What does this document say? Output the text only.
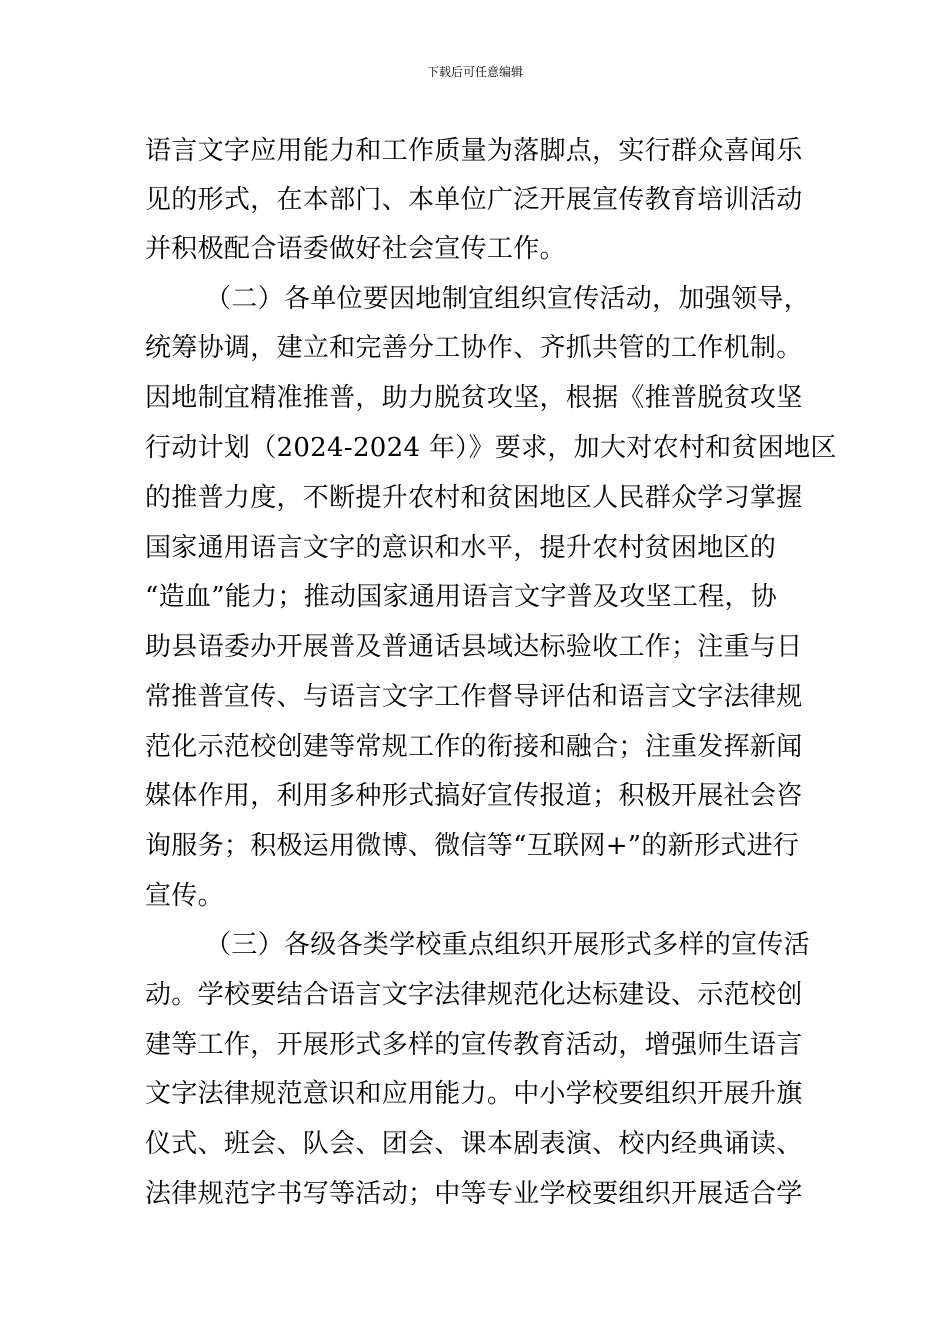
下载后可任意编辑
语言文字应用能力和工作质量为落脚点，实行群众喜闻乐
见的形式，在本部门、本单位广泛开展宣传教育培训活动
并积极配合语委做好社会宣传工作。
（二）各单位要因地制宜组织宣传活动，加强领导，
统筹协调，建立和完善分工协作、齐抓共管的工作机制。
因地制宜精准推普，助力脱贫攻坚，根据《推普脱贫攻坚
行动计划（2024-2024 年）》要求，加大对农村和贫困地区
的推普力度，不断提升农村和贫困地区人民群众学习掌握
国家通用语言文字的意识和水平，提升农村贫困地区的
“造血”能力；推动国家通用语言文字普及攻坚工程，协
助县语委办开展普及普通话县域达标验收工作；注重与日
常推普宣传、与语言文字工作督导评估和语言文字法律规
范化示范校创建等常规工作的衔接和融合；注重发挥新闻
媒体作用，利用多种形式搞好宣传报道；积极开展社会咨
询服务；积极运用微博、微信等“互联网+”的新形式进行
宣传。
（三）各级各类学校重点组织开展形式多样的宣传活
动。学校要结合语言文字法律规范化达标建设、示范校创
建等工作，开展形式多样的宣传教育活动，增强师生语言
文字法律规范意识和应用能力。中小学校要组织开展升旗
仪式、班会、队会、团会、课本剧表演、校内经典诵读、
法律规范字书写等活动；中等专业学校要组织开展适合学
